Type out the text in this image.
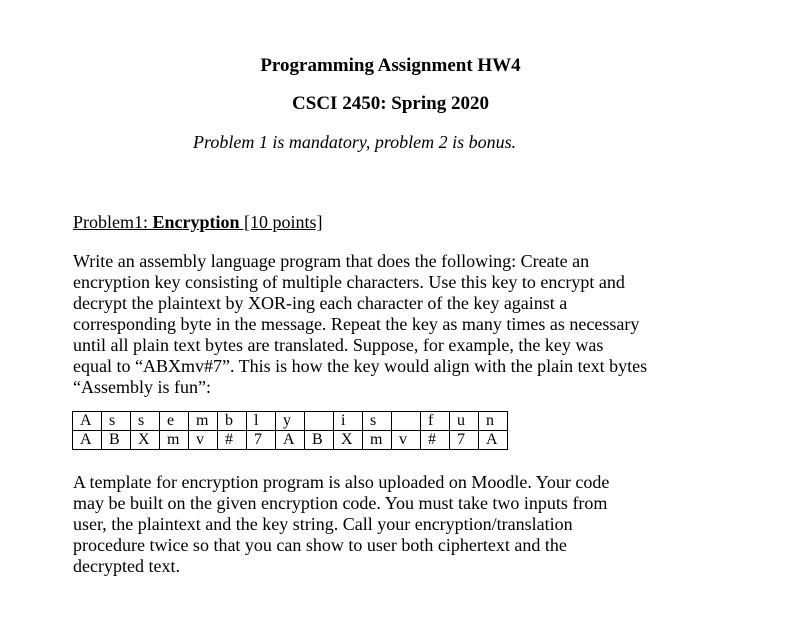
Programming Assignment HW4
CSCI 2450: Spring 2020
Problem 1 is mandatory, problem 2 is bonus.
Problem1: Encryption [10 points]
Write an assembly language program that does the following: Create an
encryption key consisting of multiple characters. Use this key to encrypt and
decrypt the plaintext by XOR-ing each character of the key against a
corresponding byte in the message. Repeat the key as many times as necessary
until all plain text bytes are translated. Suppose, for example, the key was
equal to “ABXmv#7”. This is how the key would align with the plain text bytes
“Assembly is fun”:
A	s	s	e	m	b	l	y		i	s		f	u	n
A	B	X	m	v	#	7	A	B	X	m	v	#	7	A
A template for encryption program is also uploaded on Moodle. Your code
may be built on the given encryption code. You must take two inputs from
user, the plaintext and the key string. Call your encryption/translation
procedure twice so that you can show to user both ciphertext and the
decrypted text.
